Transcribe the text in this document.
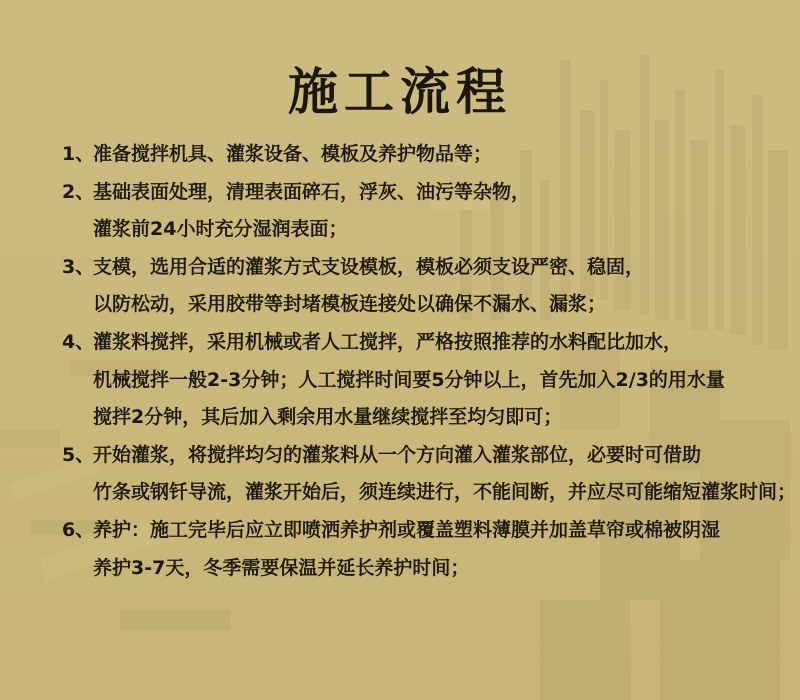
施工流程
1、
准备搅拌机具、灌浆设备、模板及养护物品等；
2、
基础表面处理，清理表面碎石，浮灰、油污等杂物，
灌浆前24小时充分湿润表面；
3、
支模，选用合适的灌浆方式支设模板，模板必须支设严密、稳固，
以防松动，采用胶带等封堵模板连接处以确保不漏水、漏浆；
4、
灌浆料搅拌，采用机械或者人工搅拌，严格按照推荐的水料配比加水，
机械搅拌一般2-3分钟；人工搅拌时间要5分钟以上，首先加入2/3的用水量
搅拌2分钟，其后加入剩余用水量继续搅拌至均匀即可；
5、
开始灌浆，将搅拌均匀的灌浆料从一个方向灌入灌浆部位，必要时可借助
竹条或钢钎导流，灌浆开始后，须连续进行，不能间断，并应尽可能缩短灌浆时间；
6、
养护：施工完毕后应立即喷洒养护剂或覆盖塑料薄膜并加盖草帘或棉被阴湿
养护3-7天，冬季需要保温并延长养护时间；
